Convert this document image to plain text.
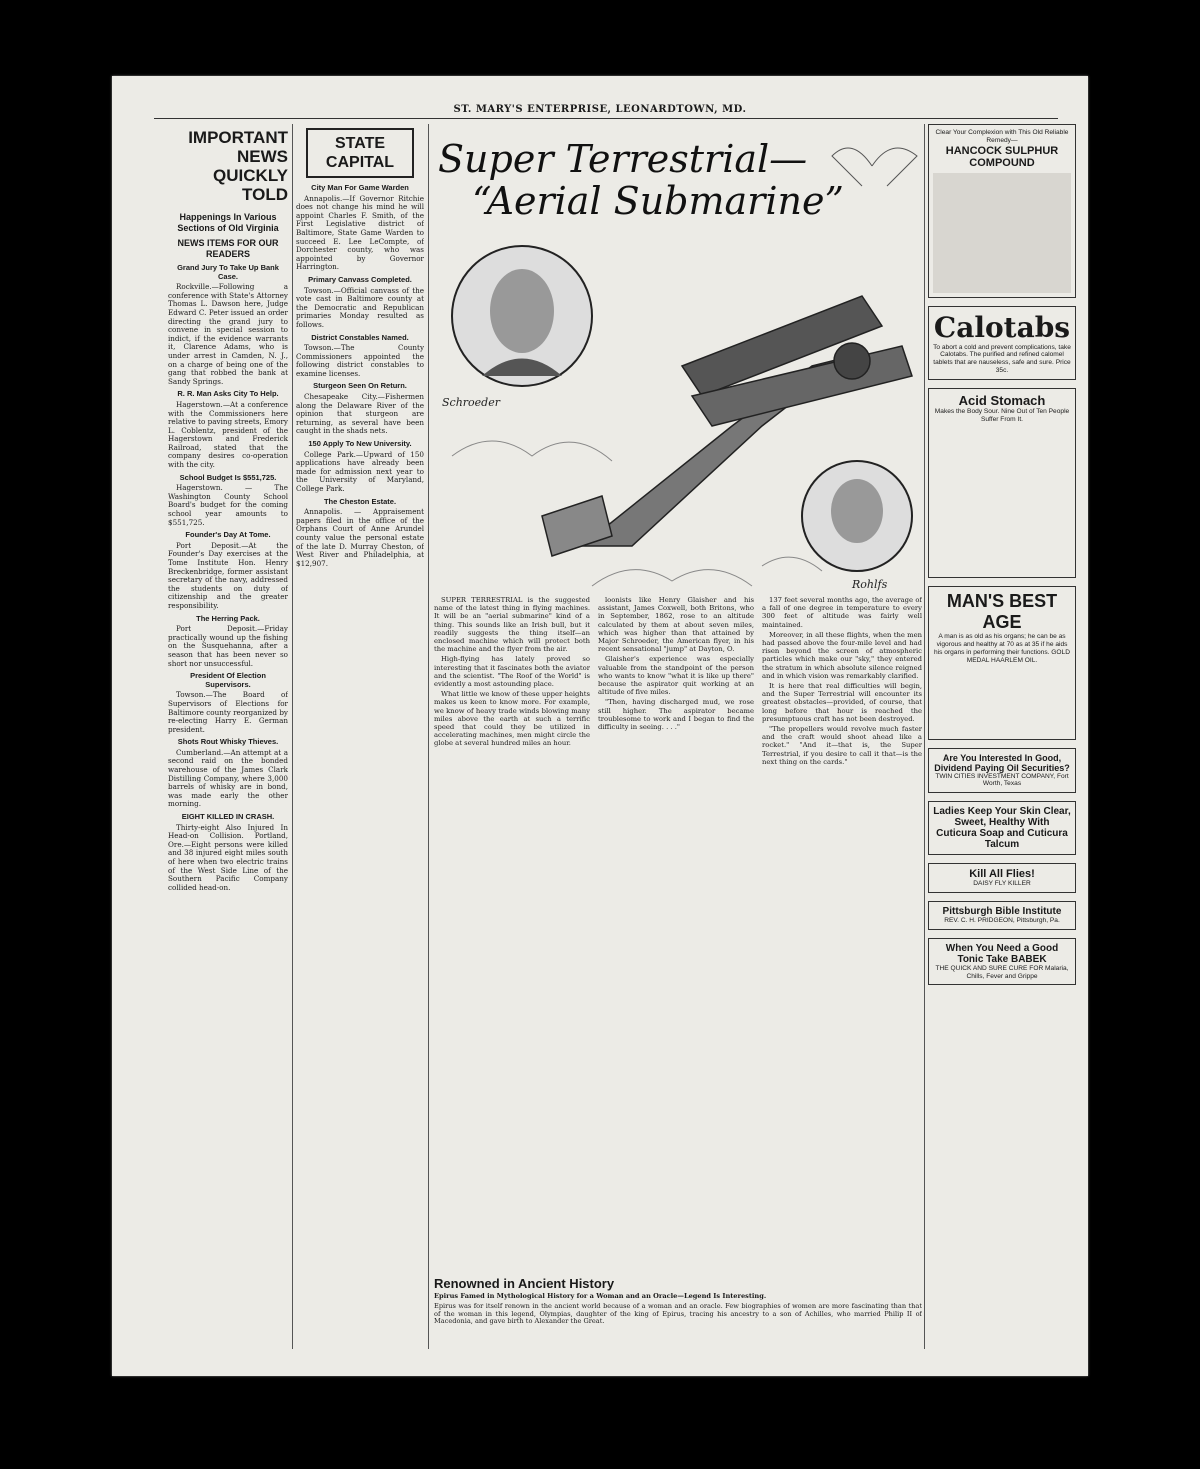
ST. MARY'S ENTERPRISE, LEONARDTOWN, MD.
IMPORTANT NEWS QUICKLY TOLD
Happenings In Various Sections of Old Virginia
NEWS ITEMS FOR OUR READERS
Grand Jury To Take Up Bank Case.

Rockville.—Following a conference with State's Attorney Thomas L. Dawson here, Judge Edward C. Peter issued an order directing the grand jury to convene in special session to indict, if the evidence warrants it, Clarence Adams, who is under arrest in Camden, N. J., on a charge of being one of the gang that robbed the bank at Sandy Springs.

R. R. Man Asks City To Help.

Hagerstown.—At a conference with the Commissioners here relative to paving streets, Emory L. Coblentz, president of the Hagerstown and Frederick Railroad, stated that the company desires co-operation with the city.

School Budget Is $551,725.

Hagerstown. — The Washington County School Board's budget for the coming school year amounts to $551,725.

Founder's Day At Tome.

Port Deposit.—At the Founder's Day exercises at the Tome Institute Hon. Henry Breckenbridge, former assistant secretary of the navy, addressed the students on duty of citizenship and the greater responsibility.

The Herring Pack.

Port Deposit.—Friday practically wound up the fishing on the Susquehanna, after a season that has been never so short nor unsuccessful.

President Of Election Supervisors.

Towson.—The Board of Supervisors of Elections for Baltimore county reorganized by re-electing Harry E. German president.

Shots Rout Whisky Thieves.

Cumberland.—An attempt at a second raid on the bonded warehouse of the James Clark Distilling Company, where 3,000 barrels of whisky are in bond, was made early the other morning.

EIGHT KILLED IN CRASH.

Thirty-eight Also Injured In Head-on Collision. Portland, Ore.—Eight persons were killed and 38 injured eight miles south of here when two electric trains of the West Side Line of the Southern Pacific Company collided head-on.

STATE CAPITAL
City Man For Game Warden

Annapolis.—If Governor Ritchie does not change his mind he will appoint Charles F. Smith, of the First Legislative district of Baltimore, State Game Warden to succeed E. Lee LeCompte, of Dorchester county, who was appointed by Governor Harrington.

Primary Canvass Completed.

Towson.—Official canvass of the vote cast in Baltimore county at the Democratic and Republican primaries Monday resulted as follows.

District Constables Named.

Towson.—The County Commissioners appointed the following district constables to examine licenses.

Sturgeon Seen On Return.

Chesapeake City.—Fishermen along the Delaware River of the opinion that sturgeon are returning, as several have been caught in the shads nets.

150 Apply To New University.

College Park.—Upward of 150 applications have already been made for admission next year to the University of Maryland, College Park.

The Cheston Estate.

Annapolis. — Appraisement papers filed in the office of the Orphans Court of Anne Arundel county value the personal estate of the late D. Murray Cheston, of West River and Philadelphia, at $12,907.

Super Terrestrial—
“Aerial Submarine”
Schroeder
Rohlfs

SUPER TERRESTRIAL is the suggested name of the latest thing in flying machines. It will be an "aerial submarine" kind of a thing. This sounds like an Irish bull, but it readily suggests the thing itself—an enclosed machine which will protect both the machine and the flyer from the air.

High-flying has lately proved so interesting that it fascinates both the aviator and the scientist. "The Roof of the World" is evidently a most astounding place.

What little we know of these upper heights makes us keen to know more. For example, we know of heavy trade winds blowing many miles above the earth at such a terrific speed that could they be utilized in accelerating machines, men might circle the globe at several hundred miles an hour.

loonists like Henry Glaisher and his assistant, James Coxwell, both Britons, who in September, 1862, rose to an altitude calculated by them at about seven miles, which was higher than that attained by Major Schroeder, the American flyer, in his recent sensational "jump" at Dayton, O.

Glaisher's experience was especially valuable from the standpoint of the person who wants to know "what it is like up there" because the aspirator quit working at an altitude of five miles.

"Then, having discharged mud, we rose still higher. The aspirator became troublesome to work and I began to find the difficulty in seeing. . . ."

137 feet several months ago, the average of a fall of one degree in temperature to every 300 feet of altitude was fairly well maintained.

Moreover, in all these flights, when the men had passed above the four-mile level and had risen beyond the screen of atmospheric particles which make our "sky," they entered the stratum in which absolute silence reigned and in which vision was remarkably clarified.

It is here that real difficulties will begin, and the Super Terrestrial will encounter its greatest obstacles—provided, of course, that long before that hour is reached the presumptuous craft has not been destroyed.

"The propellers would revolve much faster and the craft would shoot ahead like a rocket." "And it—that is, the Super Terrestrial, if you desire to call it that—is the next thing on the cards."

Renowned in Ancient History
Epirus Famed in Mythological History for a Woman and an Oracle—Legend Is Interesting.
Epirus was for itself renown in the ancient world because of a woman and an oracle. Few biographies of women are more fascinating than that of the woman in this legend, Olympias, daughter of the king of Epirus, tracing his ancestry to a son of Achilles, who married Philip II of Macedonia, and gave birth to Alexander the Great.
Clear Your Complexion with This Old Reliable Remedy—
HANCOCK SULPHUR COMPOUND
Calotabs
To abort a cold and prevent complications, take Calotabs. The purified and refined calomel tablets that are nauseless, safe and sure. Price 35c.
Acid Stomach
Makes the Body Sour. Nine Out of Ten People Suffer From It.
MAN'S BEST AGE
A man is as old as his organs; he can be as vigorous and healthy at 70 as at 35 if he aids his organs in performing their functions. GOLD MEDAL HAARLEM OIL.
Are You Interested In Good, Dividend Paying Oil Securities?
TWIN CITIES INVESTMENT COMPANY, Fort Worth, Texas
Ladies Keep Your Skin Clear, Sweet, Healthy With Cuticura Soap and Cuticura Talcum
Kill All Flies!
DAISY FLY KILLER
Pittsburgh Bible Institute
REV. C. H. PRIDGEON, Pittsburgh, Pa.
When You Need a Good Tonic Take BABEK
THE QUICK AND SURE CURE FOR Malaria, Chills, Fever and Grippe
